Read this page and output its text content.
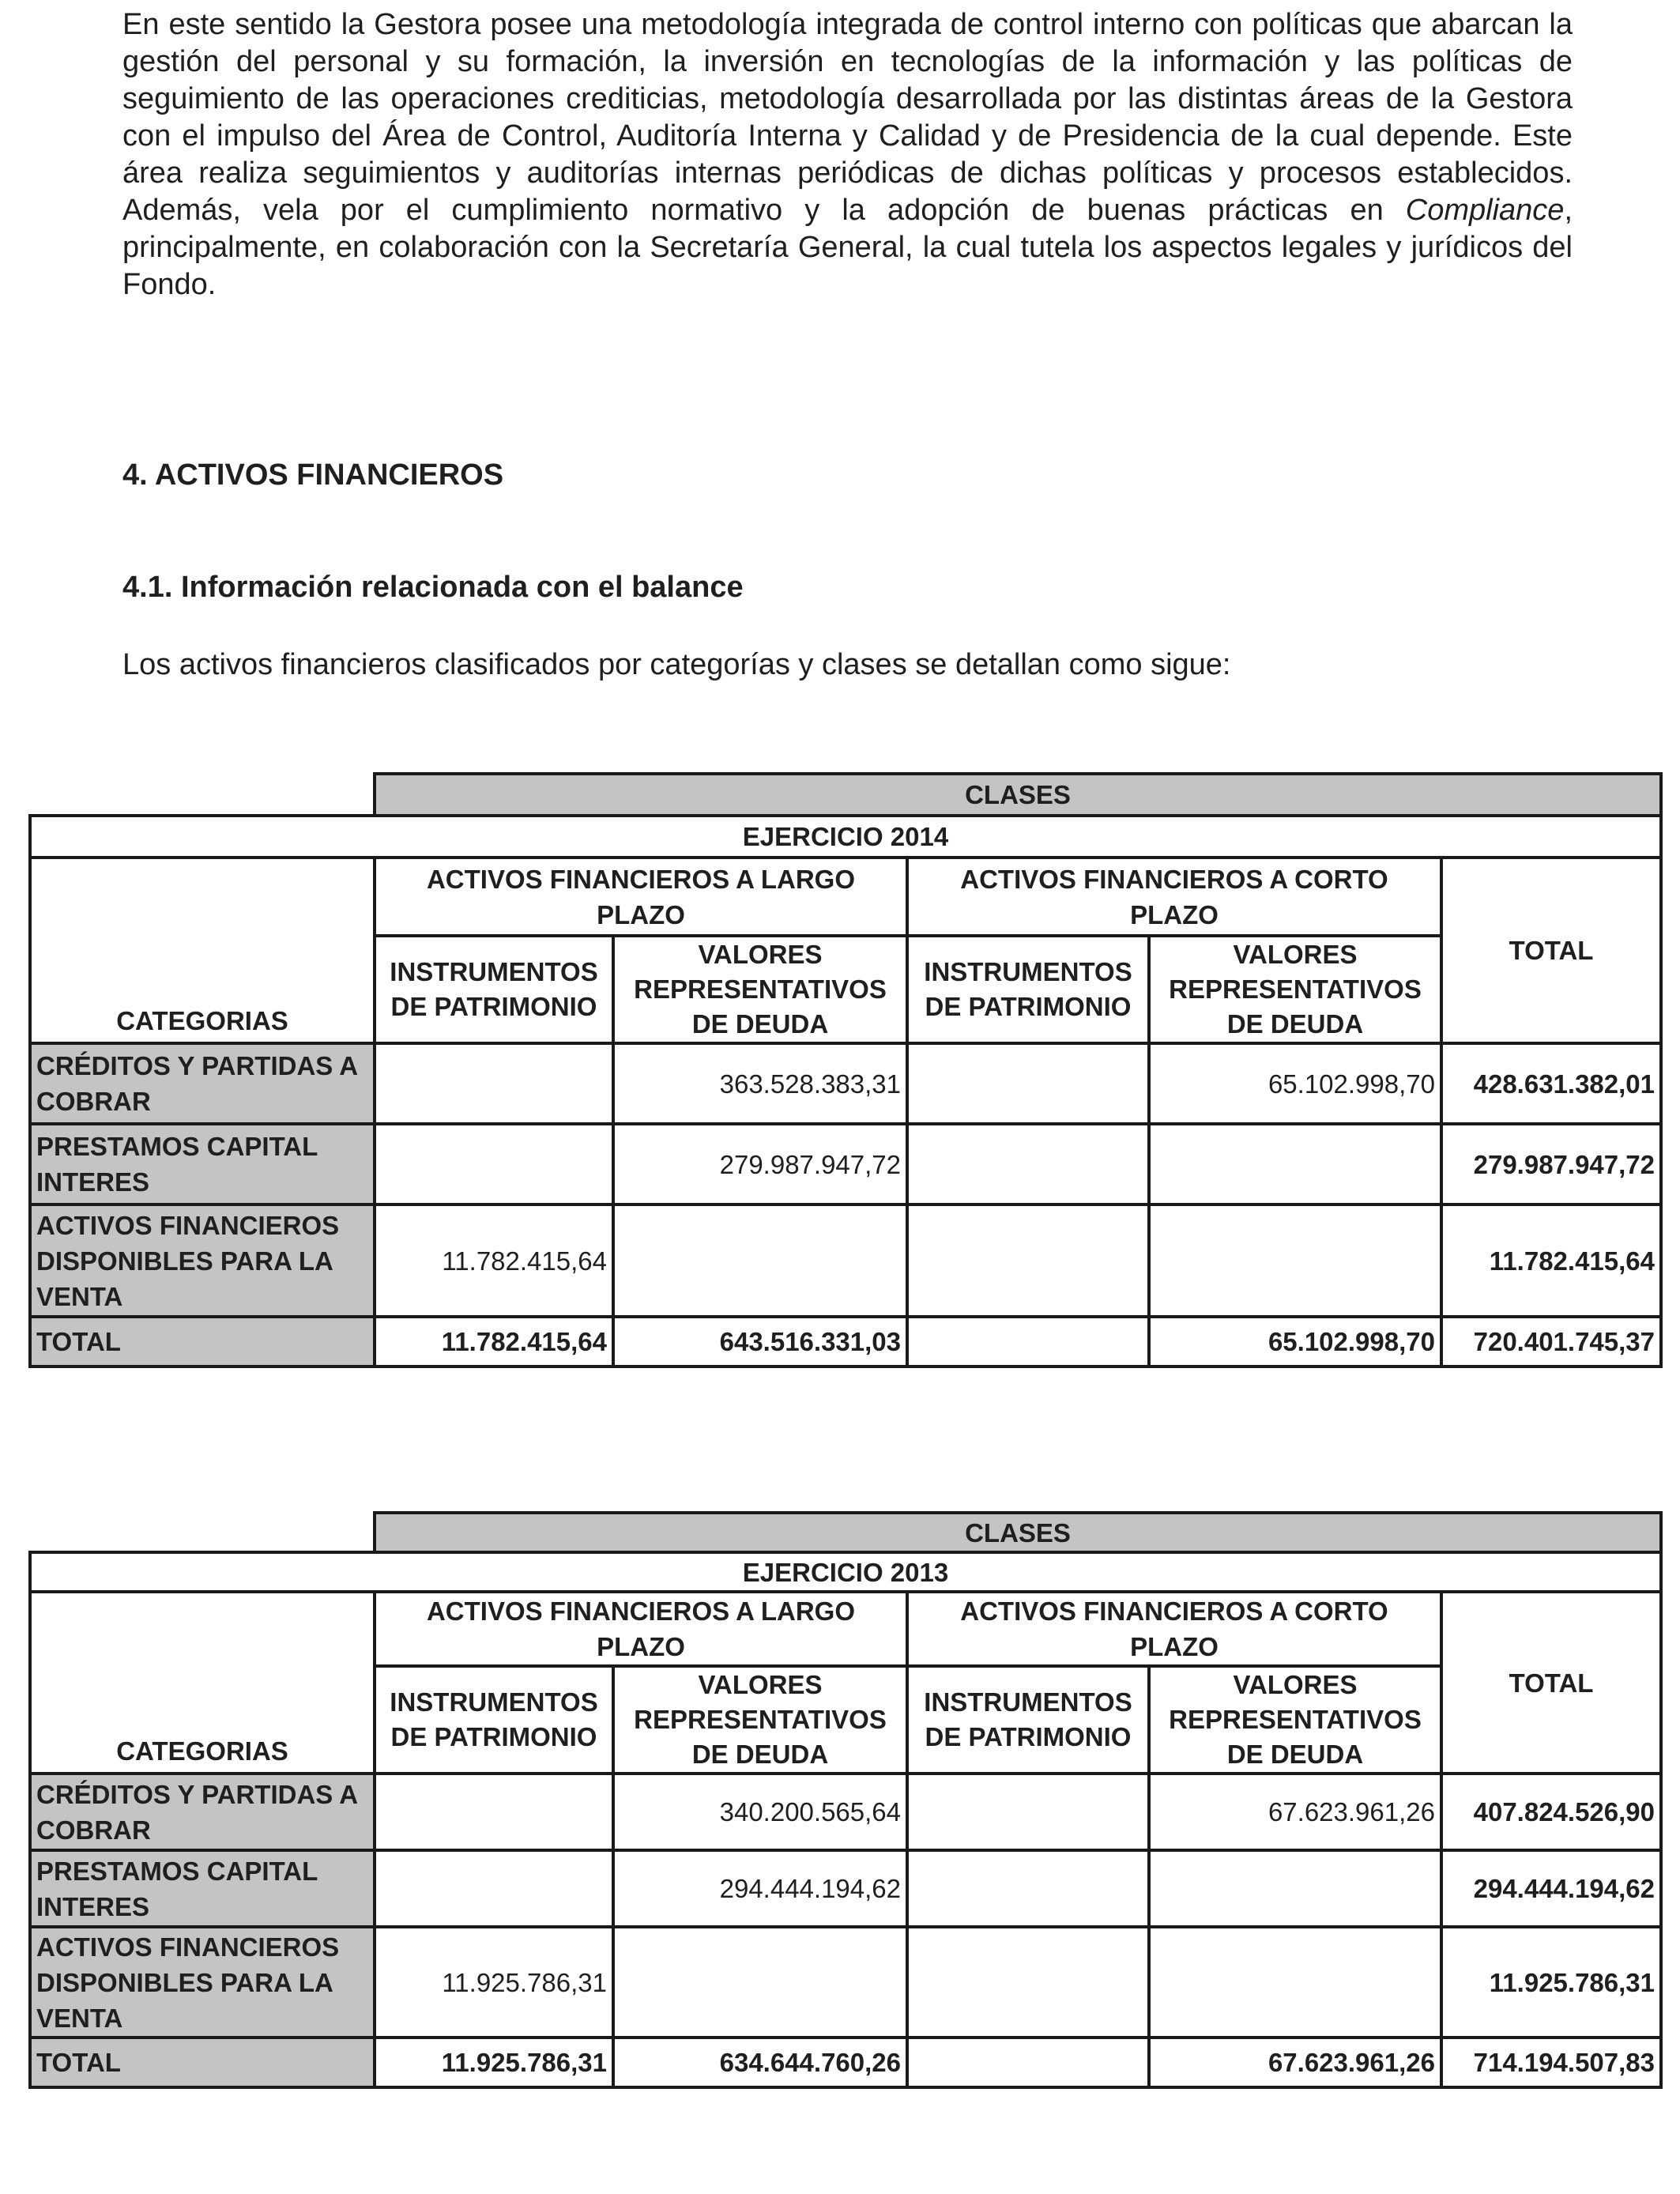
En este sentido la Gestora posee una metodología integrada de control interno con políticas que abarcan la gestión del personal y su formación, la inversión en tecnologías de la información y las políticas de seguimiento de las operaciones crediticias, metodología desarrollada por las distintas áreas de la Gestora con el impulso del Área de Control, Auditoría Interna y Calidad y de Presidencia de la cual depende. Este área realiza seguimientos y auditorías internas periódicas de dichas políticas y procesos establecidos. Además, vela por el cumplimiento normativo y la adopción de buenas prácticas en Compliance, principalmente, en colaboración con la Secretaría General, la cual tutela los aspectos legales y jurídicos del Fondo.

4. ACTIVOS FINANCIEROS
4.1. Información relacionada con el balance

Los activos financieros clasificados por categorías y clases se detallan como sigue:

	CLASES				
EJERCICIO 2014					
CATEGORIAS	ACTIVOS FINANCIEROS A LARGO PLAZO		ACTIVOS FINANCIEROS A CORTO PLAZO		TOTAL
	INSTRUMENTOS DE PATRIMONIO	VALORES REPRESENTATIVOS DE DEUDA	INSTRUMENTOS DE PATRIMONIO	VALORES REPRESENTATIVOS DE DEUDA	
CRÉDITOS Y PARTIDAS A COBRAR		363.528.383,31		65.102.998,70	428.631.382,01
PRESTAMOS CAPITAL INTERES		279.987.947,72			279.987.947,72
ACTIVOS FINANCIEROS DISPONIBLES PARA LA VENTA	11.782.415,64				11.782.415,64
TOTAL	11.782.415,64	643.516.331,03		65.102.998,70	720.401.745,37
	CLASES				
EJERCICIO 2013					
CATEGORIAS	ACTIVOS FINANCIEROS A LARGO PLAZO		ACTIVOS FINANCIEROS A CORTO PLAZO		TOTAL
	INSTRUMENTOS DE PATRIMONIO	VALORES REPRESENTATIVOS DE DEUDA	INSTRUMENTOS DE PATRIMONIO	VALORES REPRESENTATIVOS DE DEUDA	
CRÉDITOS Y PARTIDAS A COBRAR		340.200.565,64		67.623.961,26	407.824.526,90
PRESTAMOS CAPITAL INTERES		294.444.194,62			294.444.194,62
ACTIVOS FINANCIEROS DISPONIBLES PARA LA VENTA	11.925.786,31				11.925.786,31
TOTAL	11.925.786,31	634.644.760,26		67.623.961,26	714.194.507,83
